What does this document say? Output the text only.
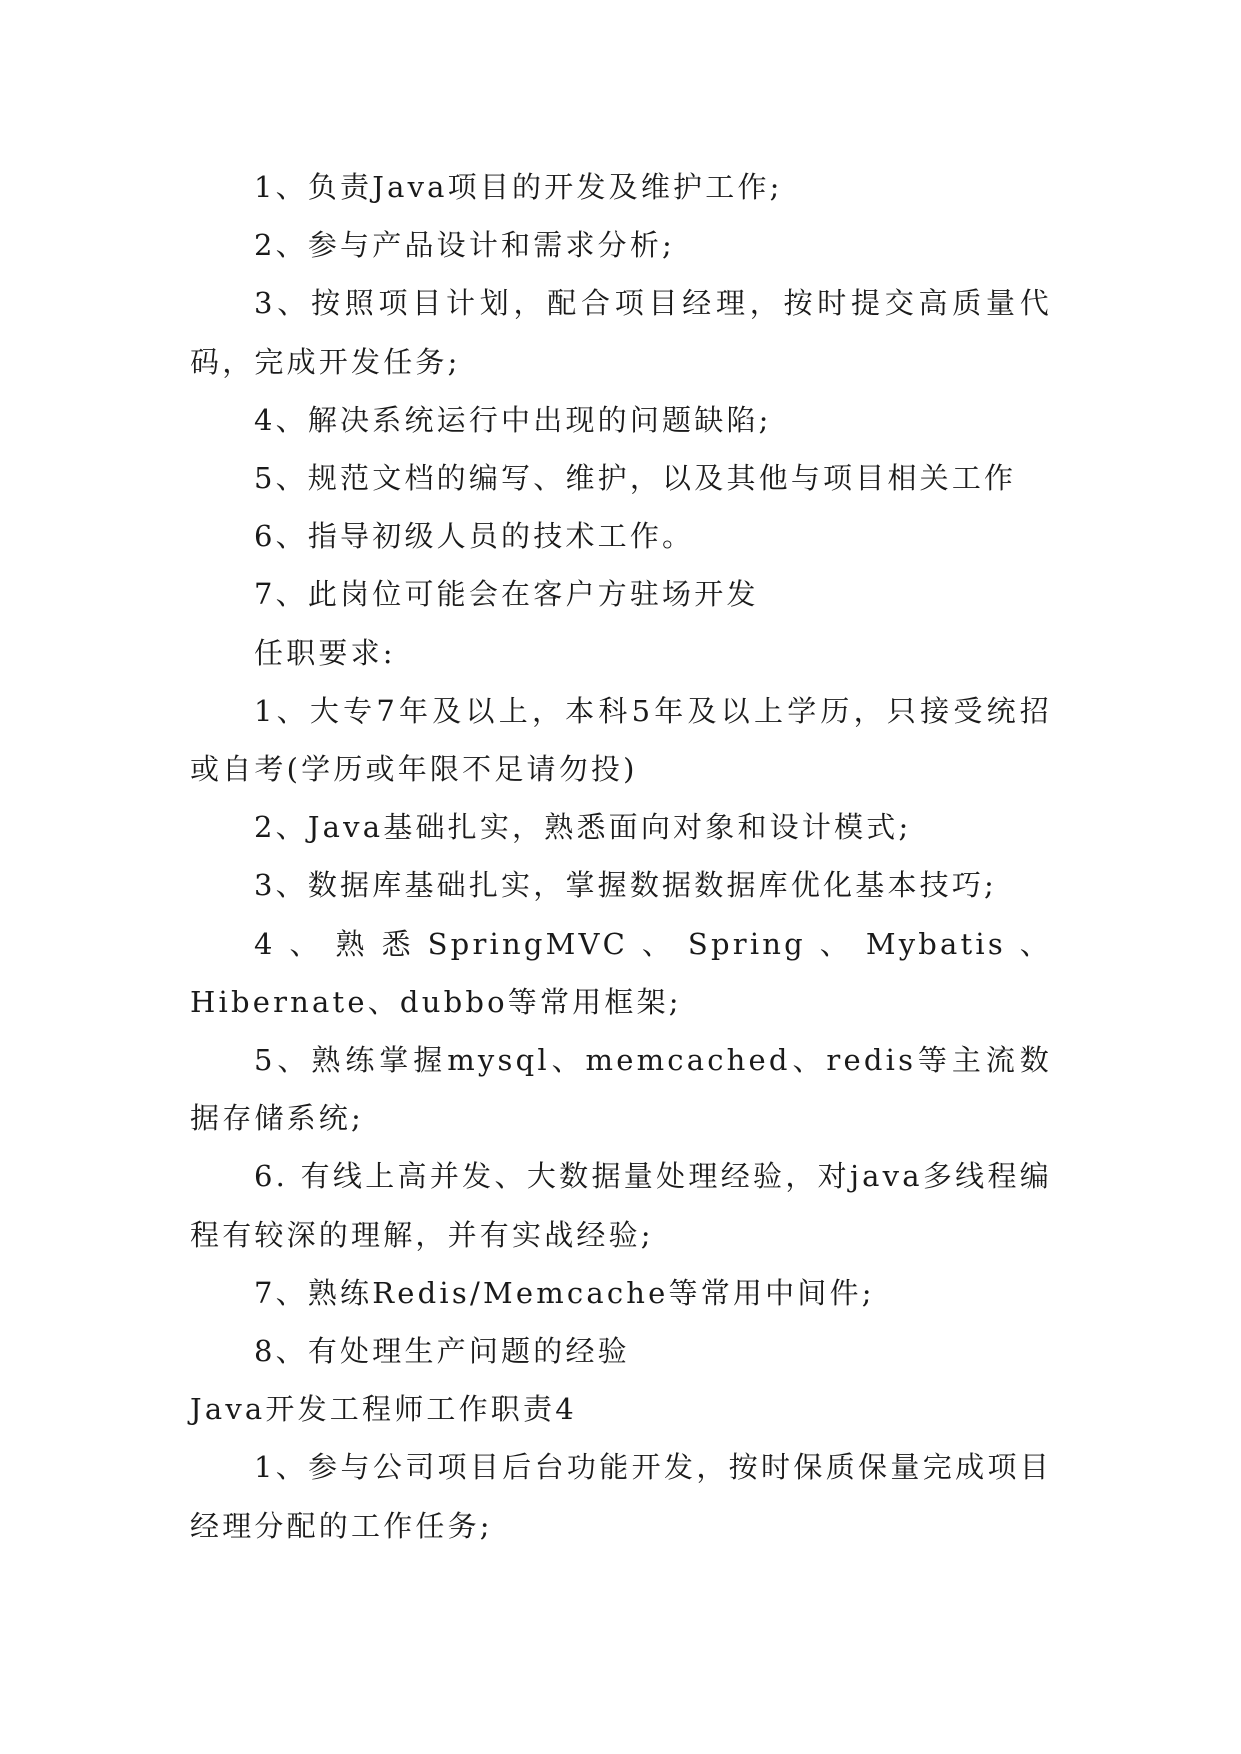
1、负责Java项目的开发及维护工作;

2、参与产品设计和需求分析;

3、按照项目计划，配合项目经理，按时提交高质量代码，完成开发任务;

4、解决系统运行中出现的问题缺陷;

5、规范文档的编写、维护，以及其他与项目相关工作

6、指导初级人员的技术工作。

7、此岗位可能会在客户方驻场开发

任职要求:

1、大专7年及以上，本科5年及以上学历，只接受统招或自考(学历或年限不足请勿投)

2、Java基础扎实，熟悉面向对象和设计模式;

3、数据库基础扎实，掌握数据数据库优化基本技巧;

4、熟悉SpringMVC、Spring、Mybatis、Hibernate、dubbo等常用框架;

5、熟练掌握mysql、memcached、redis等主流数据存储系统;

6. 有线上高并发、大数据量处理经验，对java多线程编程有较深的理解，并有实战经验;

7、熟练Redis/Memcache等常用中间件;

8、有处理生产问题的经验

Java开发工程师工作职责4

1、参与公司项目后台功能开发，按时保质保量完成项目经理分配的工作任务;
